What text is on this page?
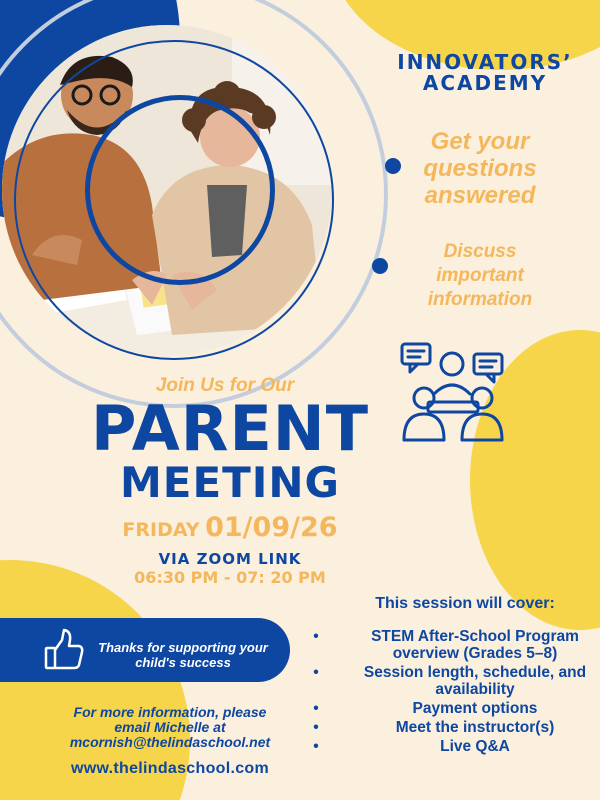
INNOVATORS’ ACADEMY
Get your questions answered
Discuss important information
Join Us for Our
PARENT
MEETING
FRIDAY 01/09/26
VIA ZOOM LINK
06:30 PM - 07: 20 PM
Thanks for supporting your child's success
For more information, please
email Michelle at
mcornish@thelindaschool.net
www.thelindaschool.com
This session will cover:
•	STEM After-School Program overview (Grades 5–8)
•	Session length, schedule, and availability
•	Payment options
•	Meet the instructor(s)
•	Live Q&A
